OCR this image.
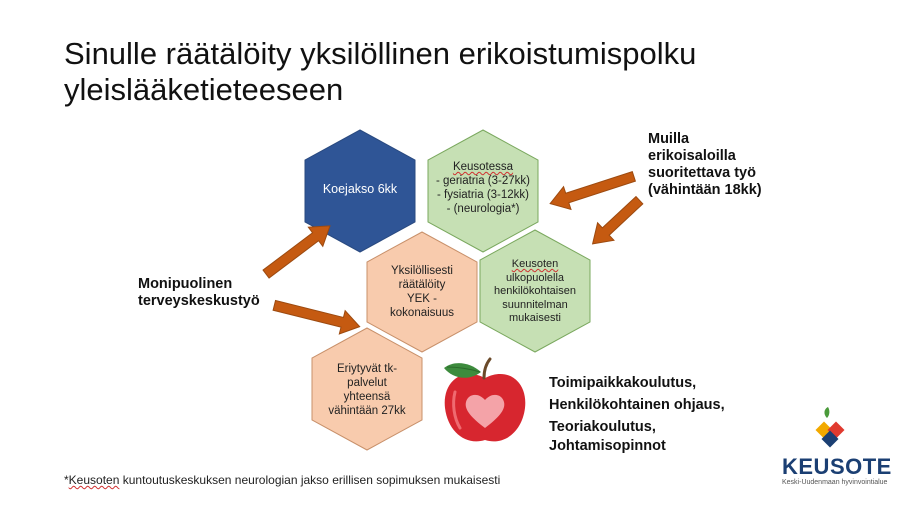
Sinulle räätälöity yksilöllinen erikoistumispolku
yleislääketieteeseen
Koejakso 6kk
Keusotessa
- geriatria (3-27kk)
- fysiatria (3-12kk)
- (neurologia*)
Yksilöllisesti
räätälöity
YEK -
kokonaisuus
Keusoten
ulkopuolella
henkilökohtaisen
suunnitelman
mukaisesti
Eriytyvät tk-
palvelut
yhteensä
vähintään 27kk
Muilla
erikoisaloilla
suoritettava työ
(vähintään 18kk)
Monipuolinen
terveyskeskustyö
Toimipaikkakoulutus,
Henkilökohtainen ohjaus,
Teoriakoulutus,
Johtamisopinnot
*Keusoten kuntoutuskeskuksen neurologian jakso erillisen sopimuksen mukaisesti
KEUSOTE
Keski-Uudenmaan hyvinvointialue
